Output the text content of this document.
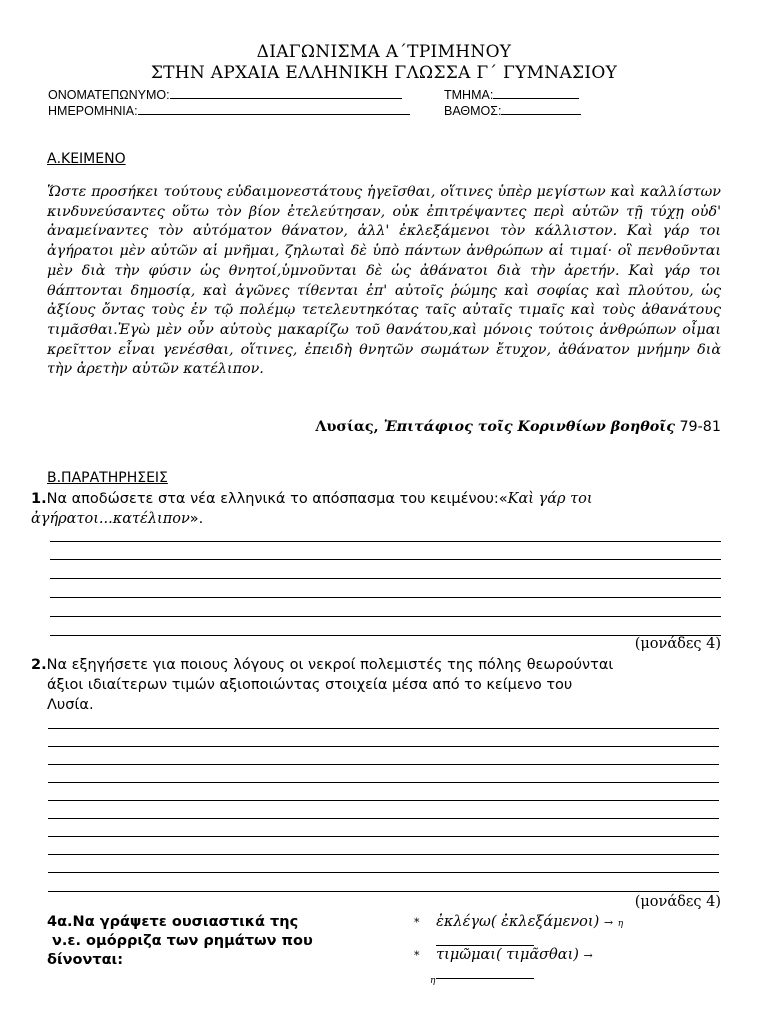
ΔΙΑΓΩΝΙΣΜΑ Α΄ΤΡΙΜΗΝΟΥ
ΣΤΗΝ ΑΡΧΑΙΑ ΕΛΛΗΝΙΚΗ ΓΛΩΣΣΑ Γ΄ ΓΥΜΝΑΣΙΟΥ
ΟΝΟΜΑΤΕΠΩΝΥΜΟ:	ΤΜΗΜΑ:
ΗΜΕΡΟΜΗΝΙΑ:	ΒΑΘΜΟΣ:
Α.ΚΕΙΜΕΝΟ
Ὥστε προσήκει τούτους εὐδαιμονεστάτους ἡγεῖσθαι, οἵτινες ὑπὲρ μεγίστων καὶ καλλίστων κινδυνεύσαντες οὕτω τὸν βίον ἐτελεύτησαν, οὐκ ἐπιτρέψαντες περὶ αὑτῶν τῇ τύχῃ οὐδ' ἀναμείναντες τὸν αὐτόματον θάνατον, ἀλλ' ἐκλεξάμενοι τὸν κάλλιστον. Καὶ γάρ τοι ἀγήρατοι μὲν αὐτῶν αἱ μνῆμαι, ζηλωταὶ δὲ ὑπὸ πάντων ἀνθρώπων αἱ τιμαί· οἳ πενθοῦνται μὲν διὰ τὴν φύσιν ὡς θνητοί,ὑμνοῦνται δὲ ὡς ἀθάνατοι διὰ τὴν ἀρετήν. Καὶ γάρ τοι θάπτονται δημοσίᾳ, καὶ ἀγῶνες τίθενται ἐπ' αὐτοῖς ῥώμης καὶ σοφίας καὶ πλούτου, ὡς ἀξίους ὄντας τοὺς ἐν τῷ πολέμῳ τετελευτηκότας ταῖς αὐταῖς τιμαῖς καὶ τοὺς ἀθανάτους τιμᾶσθαι.Ἐγὼ μὲν οὖν αὐτοὺς μακαρίζω τοῦ θανάτου,καὶ μόνοις τούτοις ἀνθρώπων οἶμαι κρεῖττον εἶναι γενέσθαι, οἵτινες, ἐπειδὴ θνητῶν σωμάτων ἔτυχον, ἀθάνατον μνήμην διὰ τὴν ἀρετὴν αὑτῶν κατέλιπον.
Λυσίας, Ἐπιτάφιος τοῖς Κορινθίων βοηθοῖς 79-81
Β.ΠΑΡΑΤΗΡΗΣΕΙΣ
1.Να αποδώσετε στα νέα ελληνικά το απόσπασμα του κειμένου:«Καὶ γάρ τοι ἀγήρατοι...κατέλιπον».
(μονάδες 4)
2.Να εξηγήσετε για ποιους λόγους οι νεκροί πολεμιστές της πόλης θεωρούνται
άξιοι ιδιαίτερων τιμών αξιοποιώντας στοιχεία μέσα από το κείμενο του
Λυσία.
(μονάδες 4)
4α.Να γράψετε ουσιαστικά της
ν.ε. ομόρριζα των ρημάτων που
δίνονται:
* ἐκλέγω( ἐκλεξάμενοι) → η
* τιμῶμαι( τιμᾶσθαι) →
η
